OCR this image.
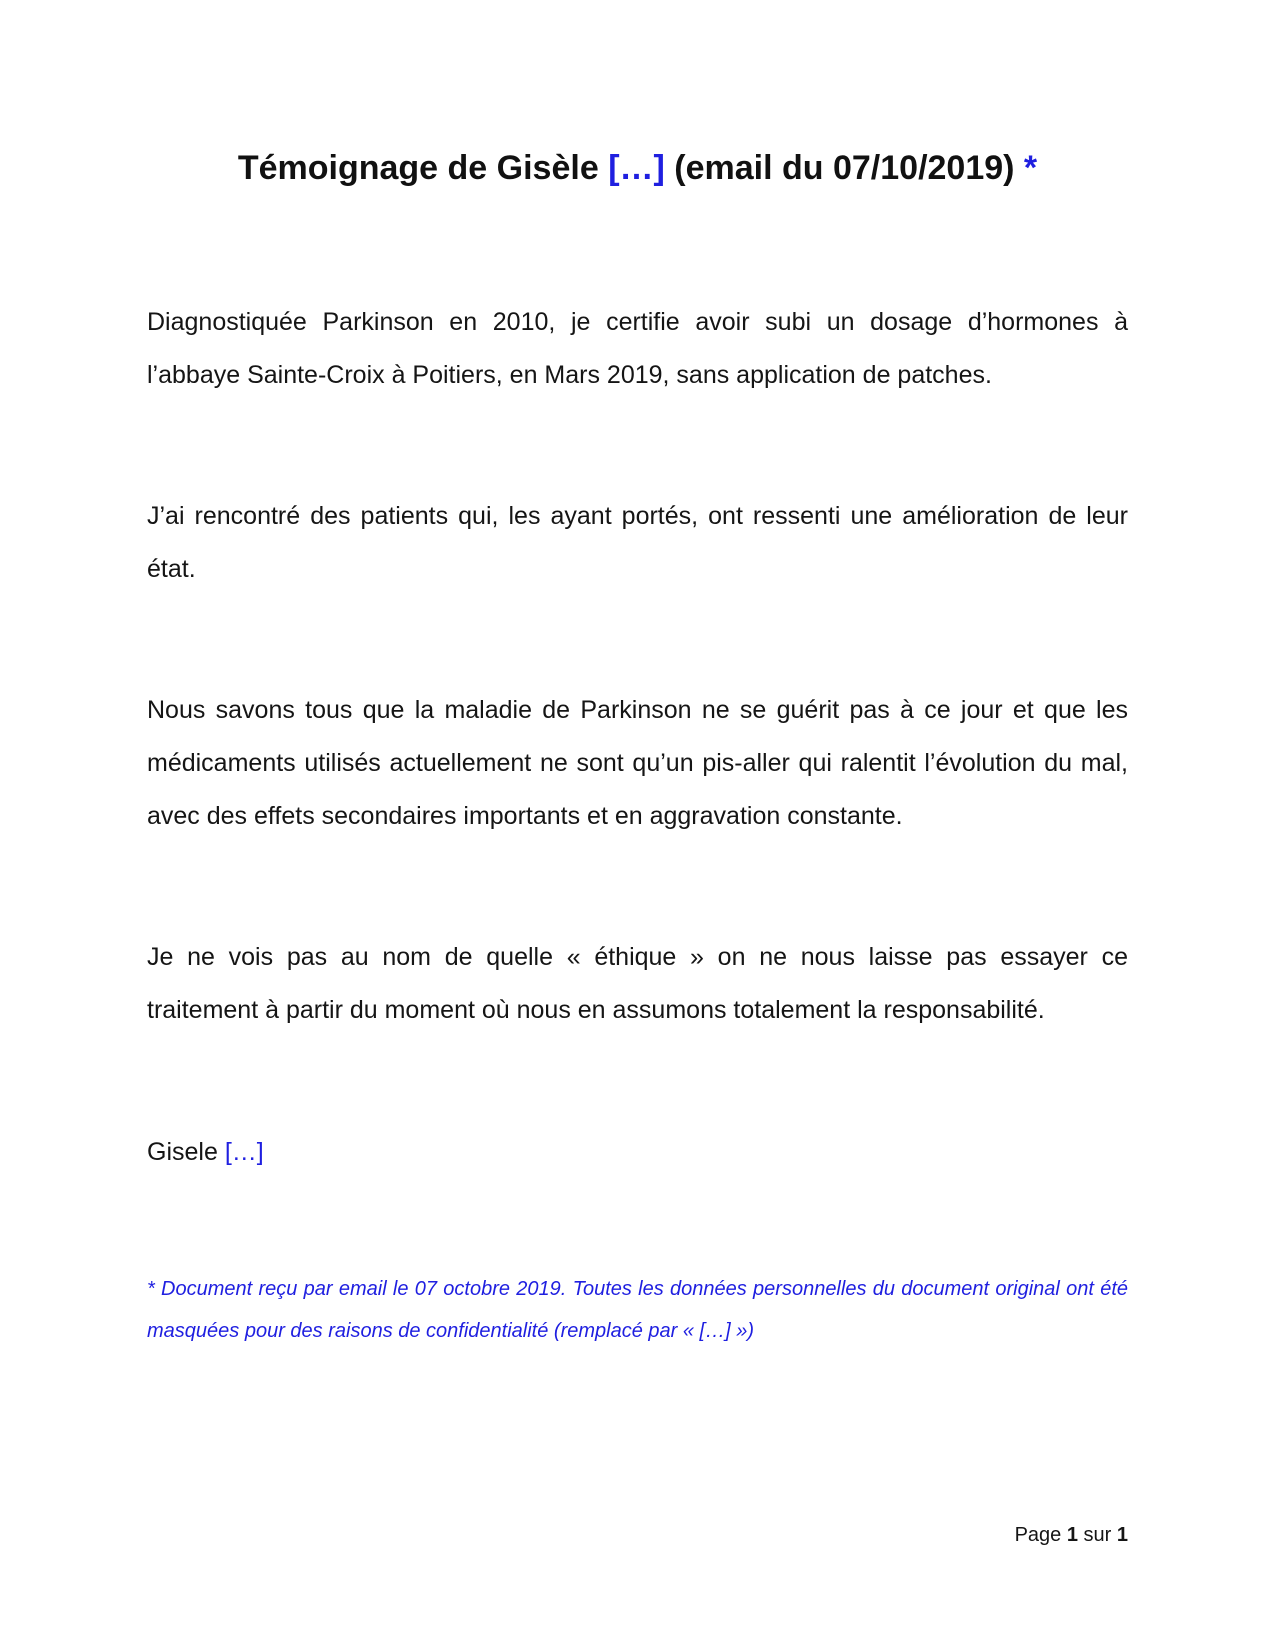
Témoignage de Gisèle […] (email du 07/10/2019) *
Diagnostiquée Parkinson en 2010, je certifie avoir subi un dosage d’hormones à l’abbaye Sainte-Croix à Poitiers, en Mars 2019, sans application de patches.
J’ai rencontré des patients qui, les ayant portés, ont ressenti une amélioration de leur état.
Nous savons tous que la maladie de Parkinson ne se guérit pas à ce jour et que les médicaments utilisés actuellement ne sont qu’un pis-aller qui ralentit l’évolution du mal, avec des effets secondaires importants et en aggravation constante.
Je ne vois pas au nom de quelle « éthique » on ne nous laisse pas essayer ce traitement à partir du moment où nous en assumons totalement la responsabilité.
Gisele […]
* Document reçu par email le 07 octobre 2019. Toutes les données personnelles du document original ont été masquées pour des raisons de confidentialité (remplacé par « […] »)
Page 1 sur 1
